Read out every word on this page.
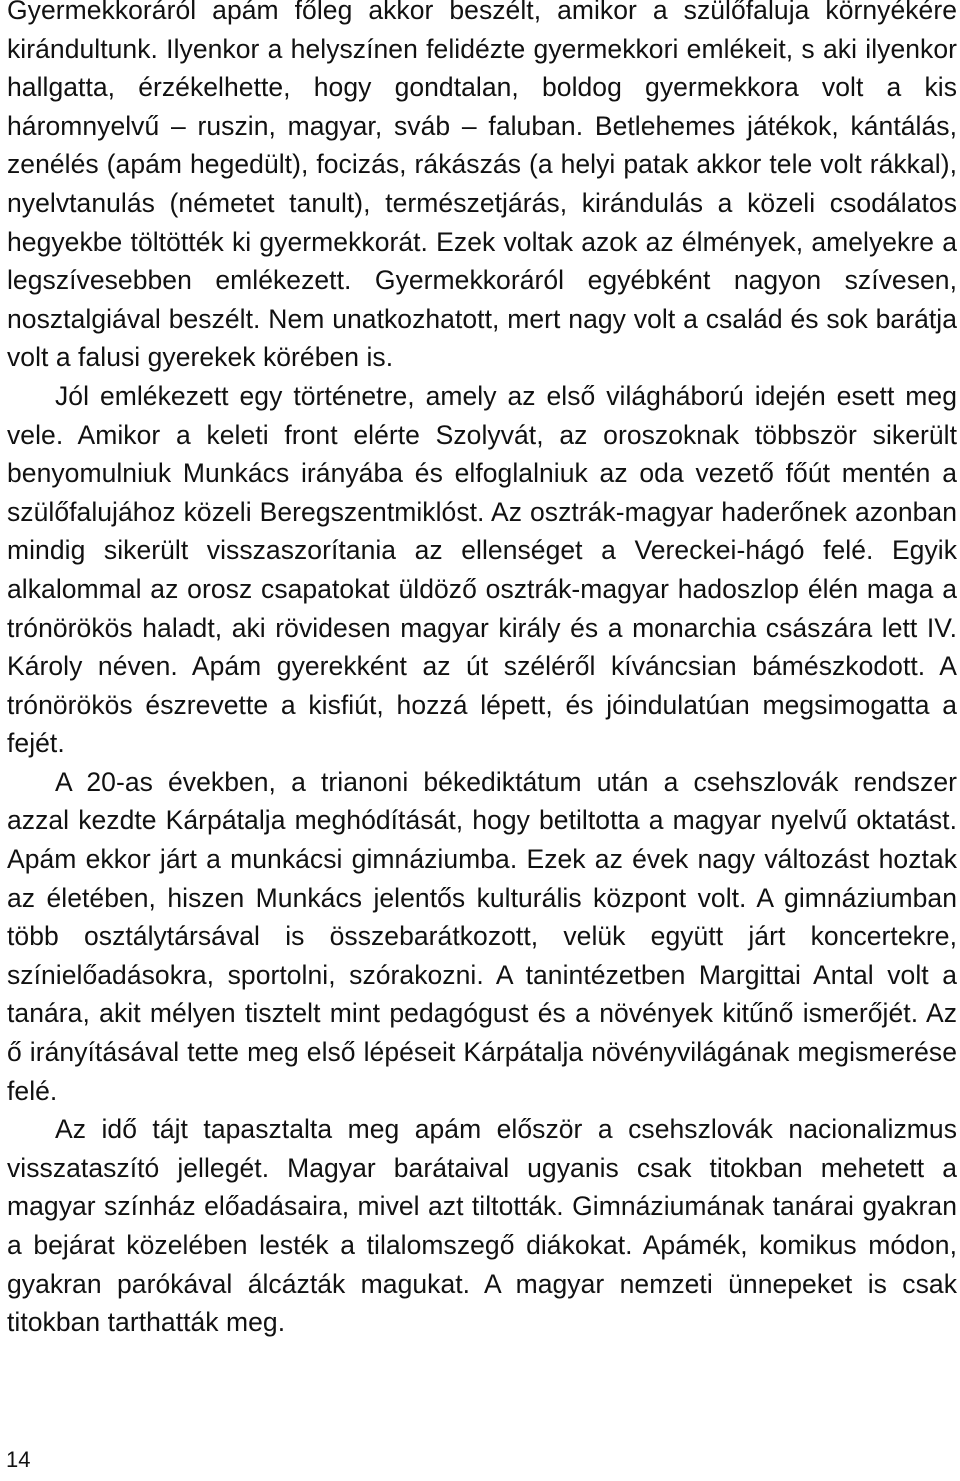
Gyermekkoráról apám főleg akkor beszélt, amikor a szülőfaluja környékére kirándultunk. Ilyenkor a helyszínen felidézte gyermekkori emlékeit, s aki ilyenkor hallgatta, érzékelhette, hogy gondtalan, boldog gyermekkora volt a kis háromnyelvű – ruszin, magyar, sváb – faluban. Betlehemes játékok, kántálás, zenélés (apám hegedült), focizás, rákászás (a helyi patak akkor tele volt rákkal), nyelvtanulás (németet tanult), természetjárás, kirándulás a közeli csodálatos hegyekbe töltötték ki gyermekkorát. Ezek voltak azok az élmények, amelyekre a legszívesebben emlékezett. Gyermekkoráról egyébként nagyon szívesen, nosztalgiával beszélt. Nem unatkozhatott, mert nagy volt a család és sok barátja volt a falusi gyerekek körében is.

Jól emlékezett egy történetre, amely az első világháború idején esett meg vele. Amikor a keleti front elérte Szolyvát, az oroszoknak többször sikerült benyomulniuk Munkács irányába és elfoglalniuk az oda vezető főút mentén a szülőfalujához közeli Beregszentmiklóst. Az osztrák-magyar haderőnek azonban mindig sikerült visszaszorítania az ellenséget a Vereckei-hágó felé. Egyik alkalommal az orosz csapatokat üldöző osztrák-magyar hadoszlop élén maga a trónörökös haladt, aki rövidesen magyar király és a monarchia császára lett IV. Károly néven. Apám gyerekként az út széléről kíváncsian bámészkodott. A trónörökös észrevette a kisfiút, hozzá lépett, és jóindulatúan megsimogatta a fejét.

A 20-as években, a trianoni békediktátum után a csehszlovák rendszer azzal kezdte Kárpátalja meghódítását, hogy betiltotta a magyar nyelvű oktatást. Apám ekkor járt a munkácsi gimnáziumba. Ezek az évek nagy változást hoztak az életében, hiszen Munkács jelentős kulturális központ volt. A gimnáziumban több osztálytársával is összebarátkozott, velük együtt járt koncertekre, színielőadásokra, sportolni, szórakozni. A tanintézetben Margittai Antal volt a tanára, akit mélyen tisztelt mint pedagógust és a növények kitűnő ismerőjét. Az ő irányításával tette meg első lépéseit Kárpátalja növényvilágának megismerése felé.

Az idő tájt tapasztalta meg apám először a csehszlovák nacionalizmus visszataszító jellegét. Magyar barátaival ugyanis csak titokban mehetett a magyar színház előadásaira, mivel azt tiltották. Gimnáziumának tanárai gyakran a bejárat közelében lesték a tilalomszegő diákokat. Apámék, komikus módon, gyakran parókával álcázták magukat. A magyar nemzeti ünnepeket is csak titokban tarthatták meg.

14
